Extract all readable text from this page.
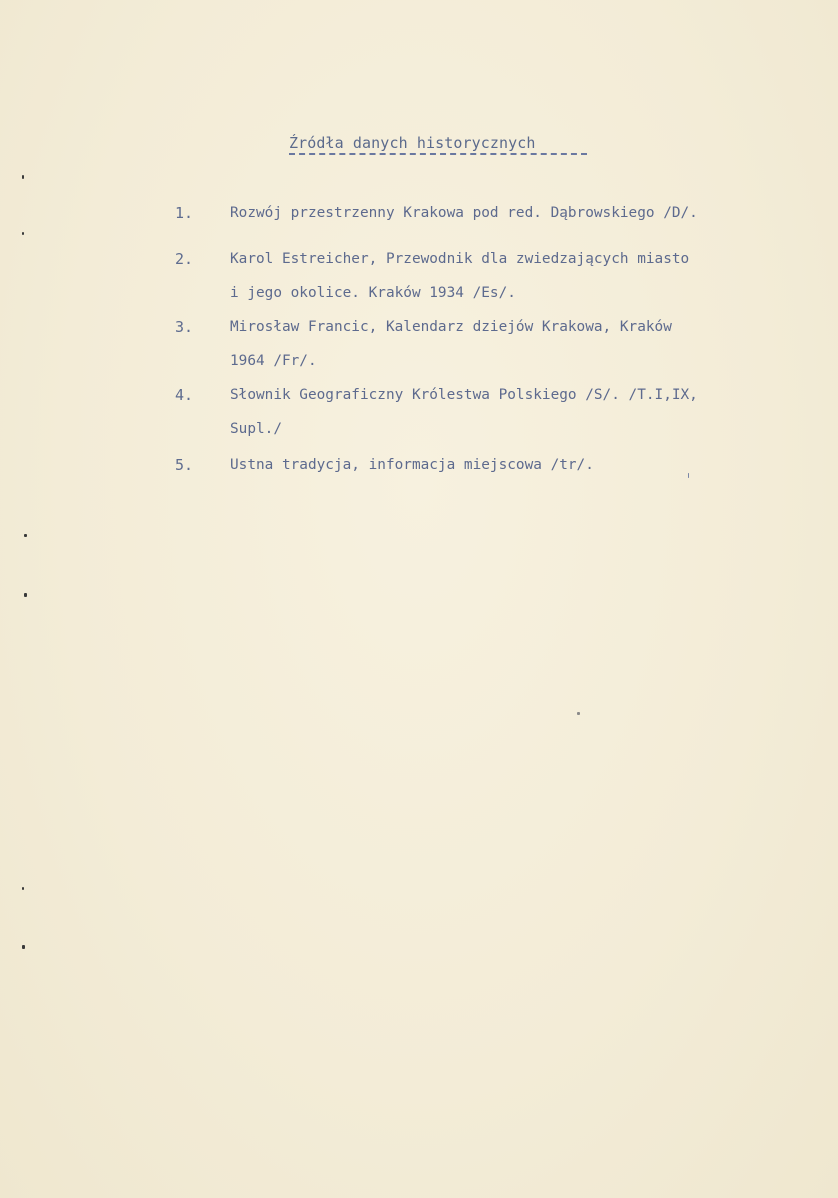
Źródła danych historycznych
1.	Rozwój przestrzenny Krakowa pod red. Dąbrowskiego /D/.
2.	Karol Estreicher, Przewodnik dla zwiedzających miasto
i jego okolice. Kraków 1934 /Es/.
3.	Mirosław Francic, Kalendarz dziejów Krakowa, Kraków
1964 /Fr/.
4.	Słownik Geograficzny Królestwa Polskiego /S/. /T.I,IX,
Supl./
5.	Ustna tradycja, informacja miejscowa /tr/.
